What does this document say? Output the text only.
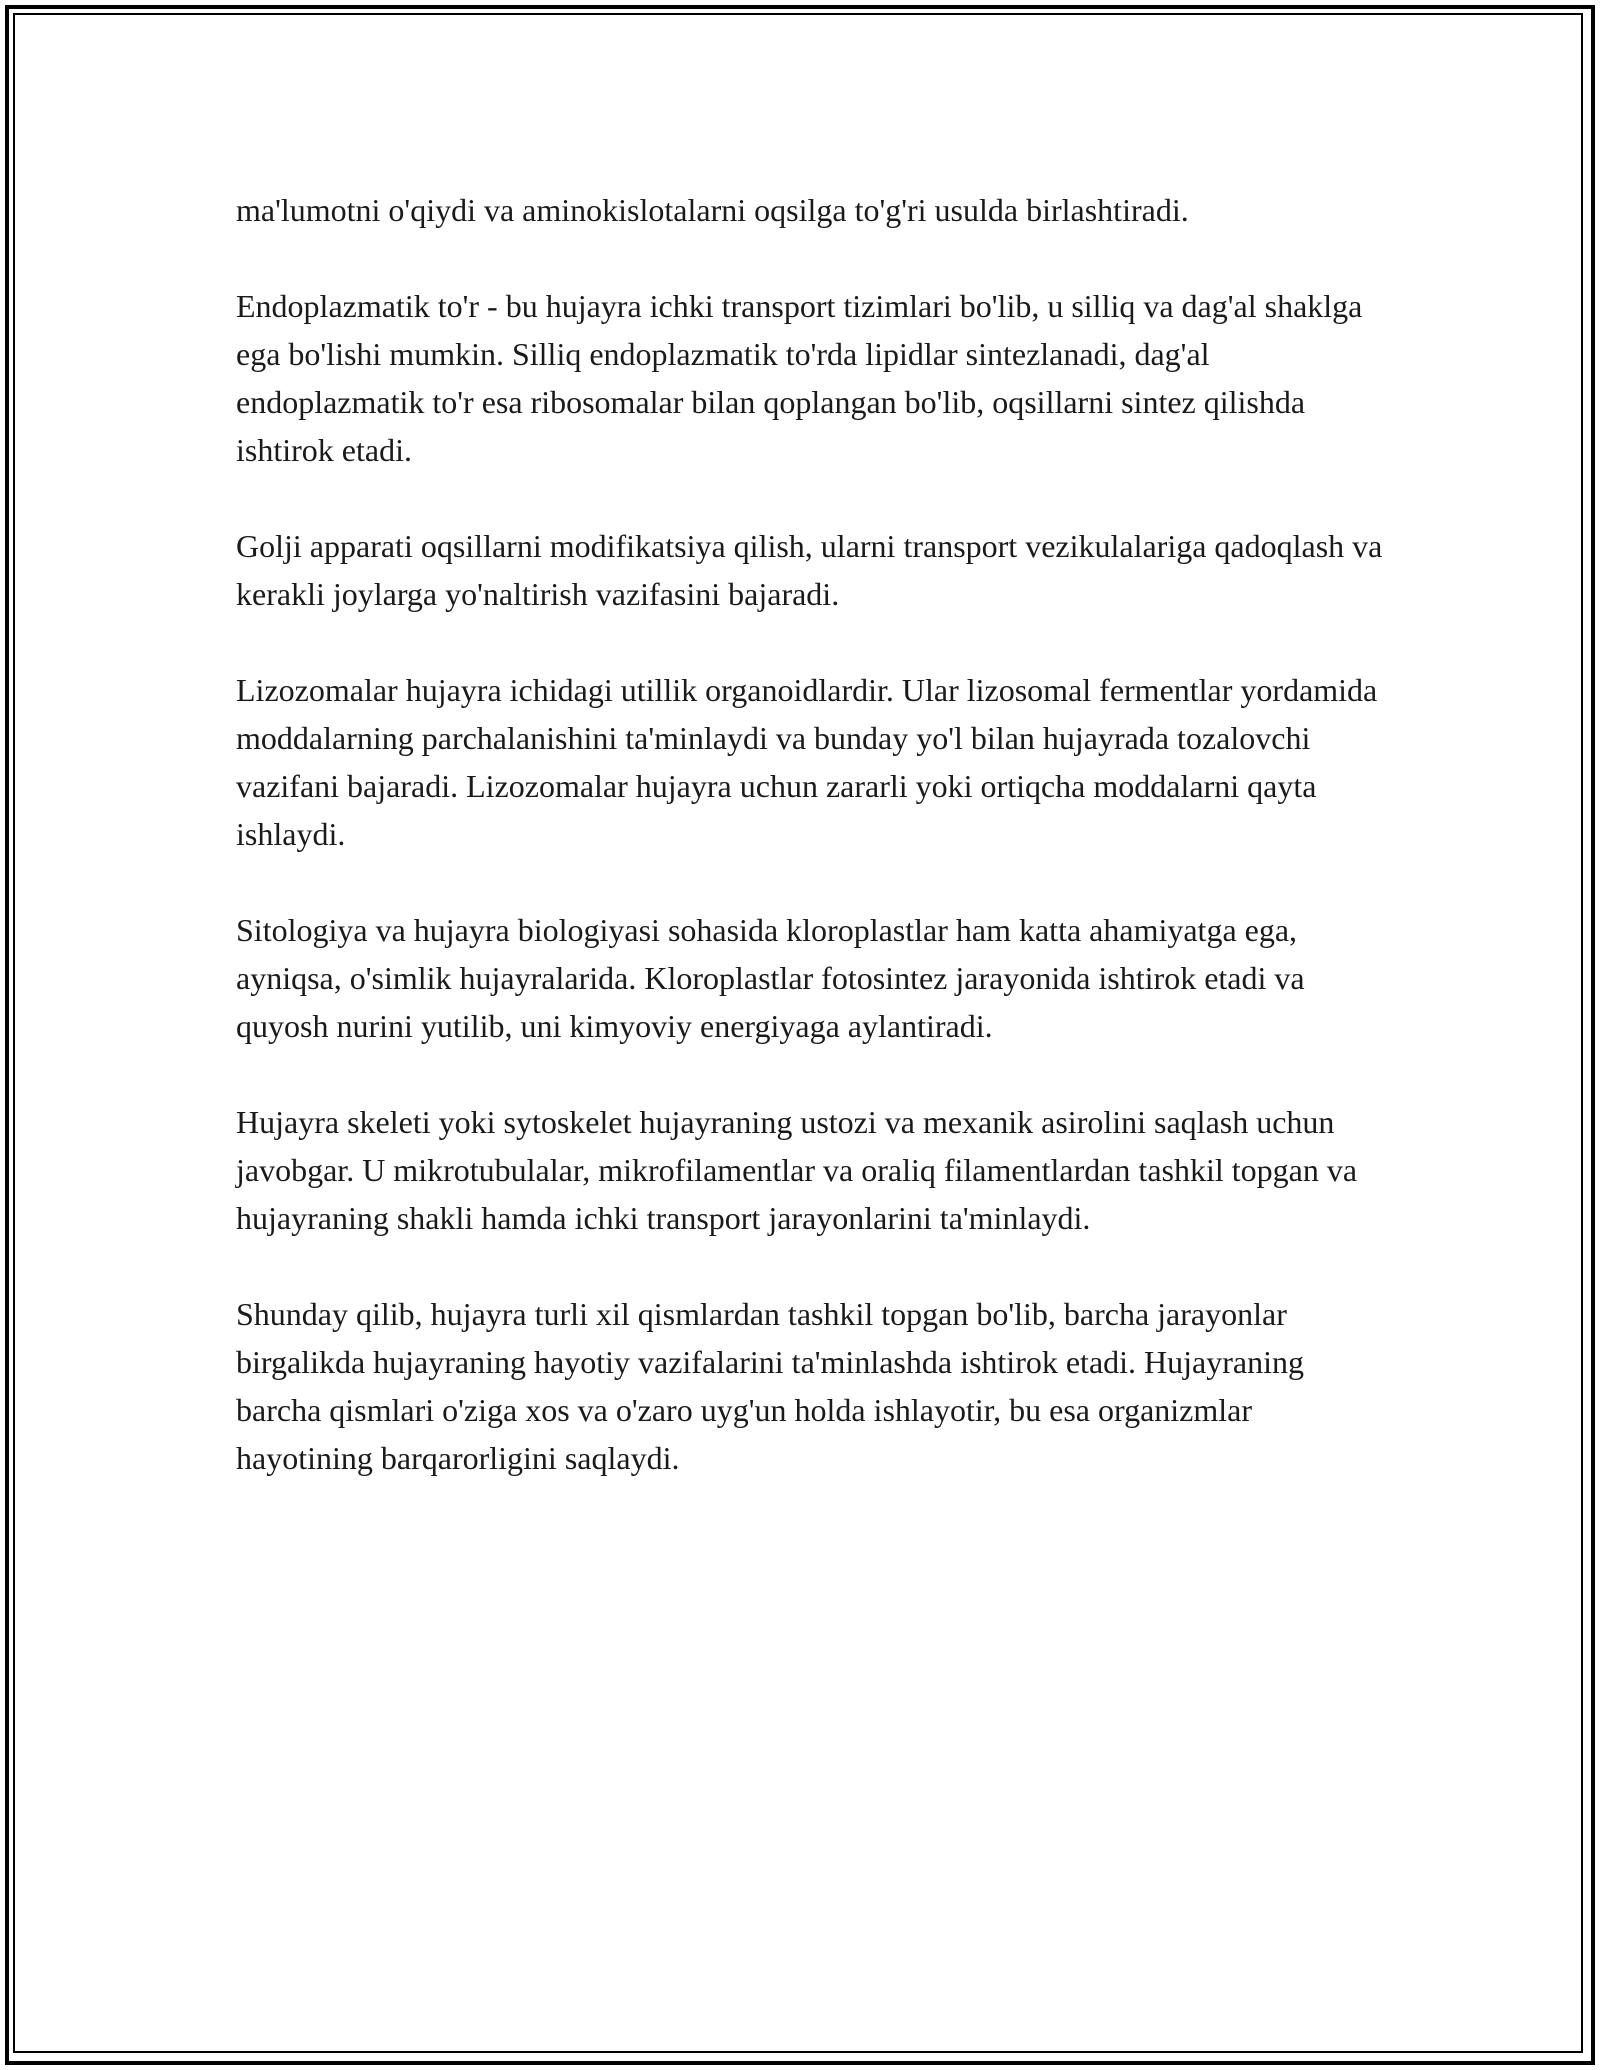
ma'lumotni o'qiydi va aminokislotalarni oqsilga to'g'ri usulda birlashtiradi.

Endoplazmatik to'r - bu hujayra ichki transport tizimlari bo'lib, u silliq va dag'al shaklga ega bo'lishi mumkin. Silliq endoplazmatik to'rda lipidlar sintezlanadi, dag'al endoplazmatik to'r esa ribosomalar bilan qoplangan bo'lib, oqsillarni sintez qilishda ishtirok etadi.

Golji apparati oqsillarni modifikatsiya qilish, ularni transport vezikulalariga qadoqlash va kerakli joylarga yo'naltirish vazifasini bajaradi.

Lizozomalar hujayra ichidagi utillik organoidlardir. Ular lizosomal fermentlar yordamida moddalarning parchalanishini ta'minlaydi va bunday yo'l bilan hujayrada tozalovchi vazifani bajaradi. Lizozomalar hujayra uchun zararli yoki ortiqcha moddalarni qayta ishlaydi.

Sitologiya va hujayra biologiyasi sohasida kloroplastlar ham katta ahamiyatga ega, ayniqsa, o'simlik hujayralarida. Kloroplastlar fotosintez jarayonida ishtirok etadi va quyosh nurini yutilib, uni kimyoviy energiyaga aylantiradi.

Hujayra skeleti yoki sytoskelet hujayraning ustozi va mexanik asirolini saqlash uchun javobgar. U mikrotubulalar, mikrofilamentlar va oraliq filamentlardan tashkil topgan va hujayraning shakli hamda ichki transport jarayonlarini ta'minlaydi.

Shunday qilib, hujayra turli xil qismlardan tashkil topgan bo'lib, barcha jarayonlar birgalikda hujayraning hayotiy vazifalarini ta'minlashda ishtirok etadi. Hujayraning barcha qismlari o'ziga xos va o'zaro uyg'un holda ishlayotir, bu esa organizmlar hayotining barqarorligini saqlaydi.
